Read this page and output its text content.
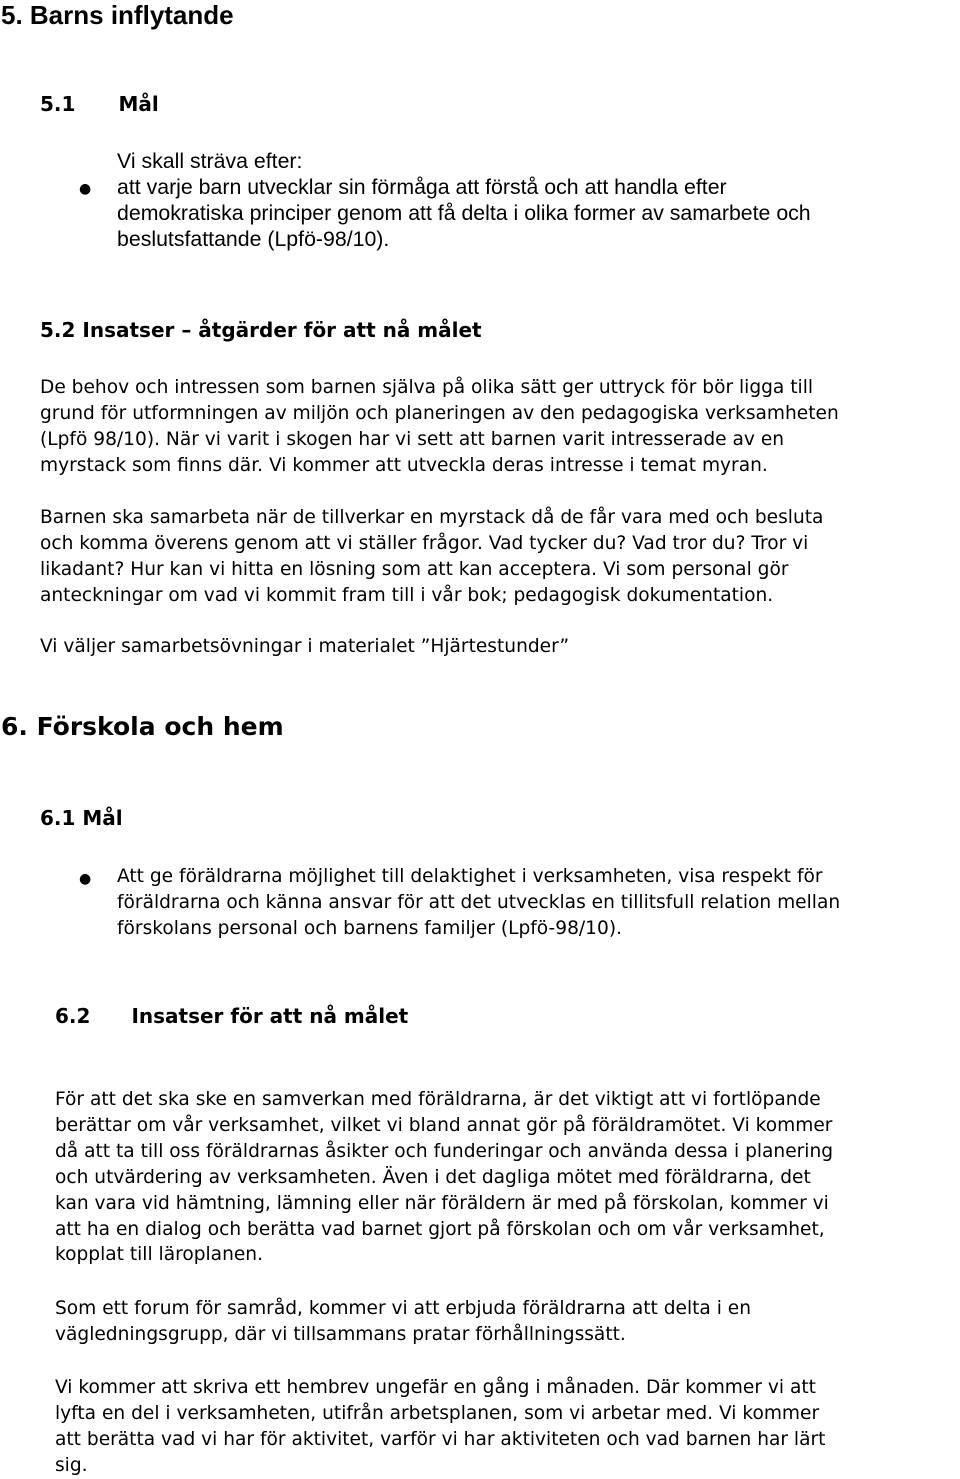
5. Barns inflytande
5.1 Mål
Vi skall sträva efter:
● att varje barn utvecklar sin förmåga att förstå och att handla efter
demokratiska principer genom att få delta i olika former av samarbete och
beslutsfattande (Lpfö-98/10).
5.2 Insatser – åtgärder för att nå målet
De behov och intressen som barnen själva på olika sätt ger uttryck för bör ligga till
grund för utformningen av miljön och planeringen av den pedagogiska verksamheten
(Lpfö 98/10). När vi varit i skogen har vi sett att barnen varit intresserade av en
myrstack som finns där. Vi kommer att utveckla deras intresse i temat myran.
Barnen ska samarbeta när de tillverkar en myrstack då de får vara med och besluta
och komma överens genom att vi ställer frågor. Vad tycker du? Vad tror du? Tror vi
likadant? Hur kan vi hitta en lösning som att kan acceptera. Vi som personal gör
anteckningar om vad vi kommit fram till i vår bok; pedagogisk dokumentation.
Vi väljer samarbetsövningar i materialet ”Hjärtestunder”
6. Förskola och hem
6.1 Mål
● Att ge föräldrarna möjlighet till delaktighet i verksamheten, visa respekt för
föräldrarna och känna ansvar för att det utvecklas en tillitsfull relation mellan
förskolans personal och barnens familjer (Lpfö-98/10).
6.2 Insatser för att nå målet
För att det ska ske en samverkan med föräldrarna, är det viktigt att vi fortlöpande
berättar om vår verksamhet, vilket vi bland annat gör på föräldramötet. Vi kommer
då att ta till oss föräldrarnas åsikter och funderingar och använda dessa i planering
och utvärdering av verksamheten. Även i det dagliga mötet med föräldrarna, det
kan vara vid hämtning, lämning eller när föräldern är med på förskolan, kommer vi
att ha en dialog och berätta vad barnet gjort på förskolan och om vår verksamhet,
kopplat till läroplanen.
Som ett forum för samråd, kommer vi att erbjuda föräldrarna att delta i en
vägledningsgrupp, där vi tillsammans pratar förhållningssätt.
Vi kommer att skriva ett hembrev ungefär en gång i månaden. Där kommer vi att
lyfta en del i verksamheten, utifrån arbetsplanen, som vi arbetar med. Vi kommer
att berätta vad vi har för aktivitet, varför vi har aktiviteten och vad barnen har lärt
sig.
